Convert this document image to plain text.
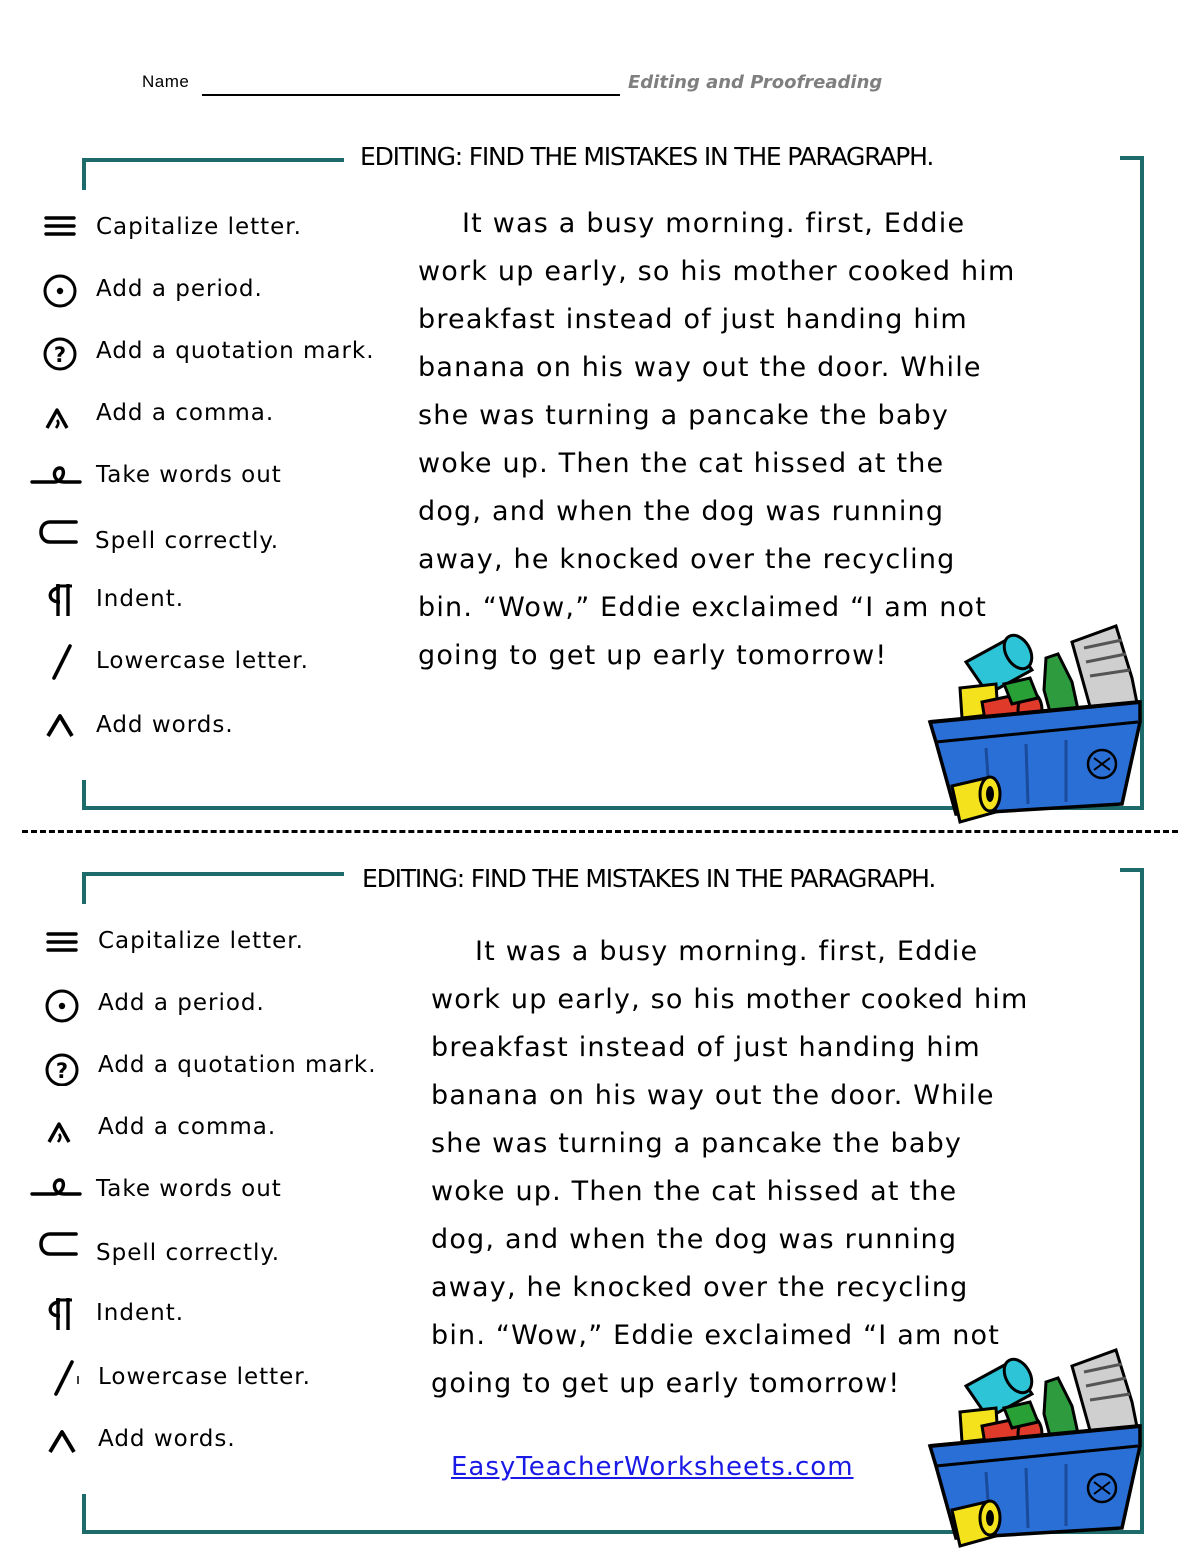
Name	Editing and Proofreading
EDITING: FIND THE MISTAKES IN THE PARAGRAPH.
Capitalize letter.
Add a period.
? Add a quotation mark.
Add a comma.
Take words out
Spell correctly.
Indent.
Lowercase letter.
Add words.
It was a busy morning. first, Eddie
work up early, so his mother cooked him
breakfast instead of just handing him
banana on his way out the door. While
she was turning a pancake the baby
woke up. Then the cat hissed at the
dog, and when the dog was running
away, he knocked over the recycling
bin. “Wow,” Eddie exclaimed “I am not
going to get up early tomorrow!
EDITING: FIND THE MISTAKES IN THE PARAGRAPH.
Capitalize letter.
Add a period.
? Add a quotation mark.
Add a comma.
Take words out
Spell correctly.
Indent.
Lowercase letter.
Add words.
It was a busy morning. first, Eddie
work up early, so his mother cooked him
breakfast instead of just handing him
banana on his way out the door. While
she was turning a pancake the baby
woke up. Then the cat hissed at the
dog, and when the dog was running
away, he knocked over the recycling
bin. “Wow,” Eddie exclaimed “I am not
going to get up early tomorrow!
EasyTeacherWorksheets.com
